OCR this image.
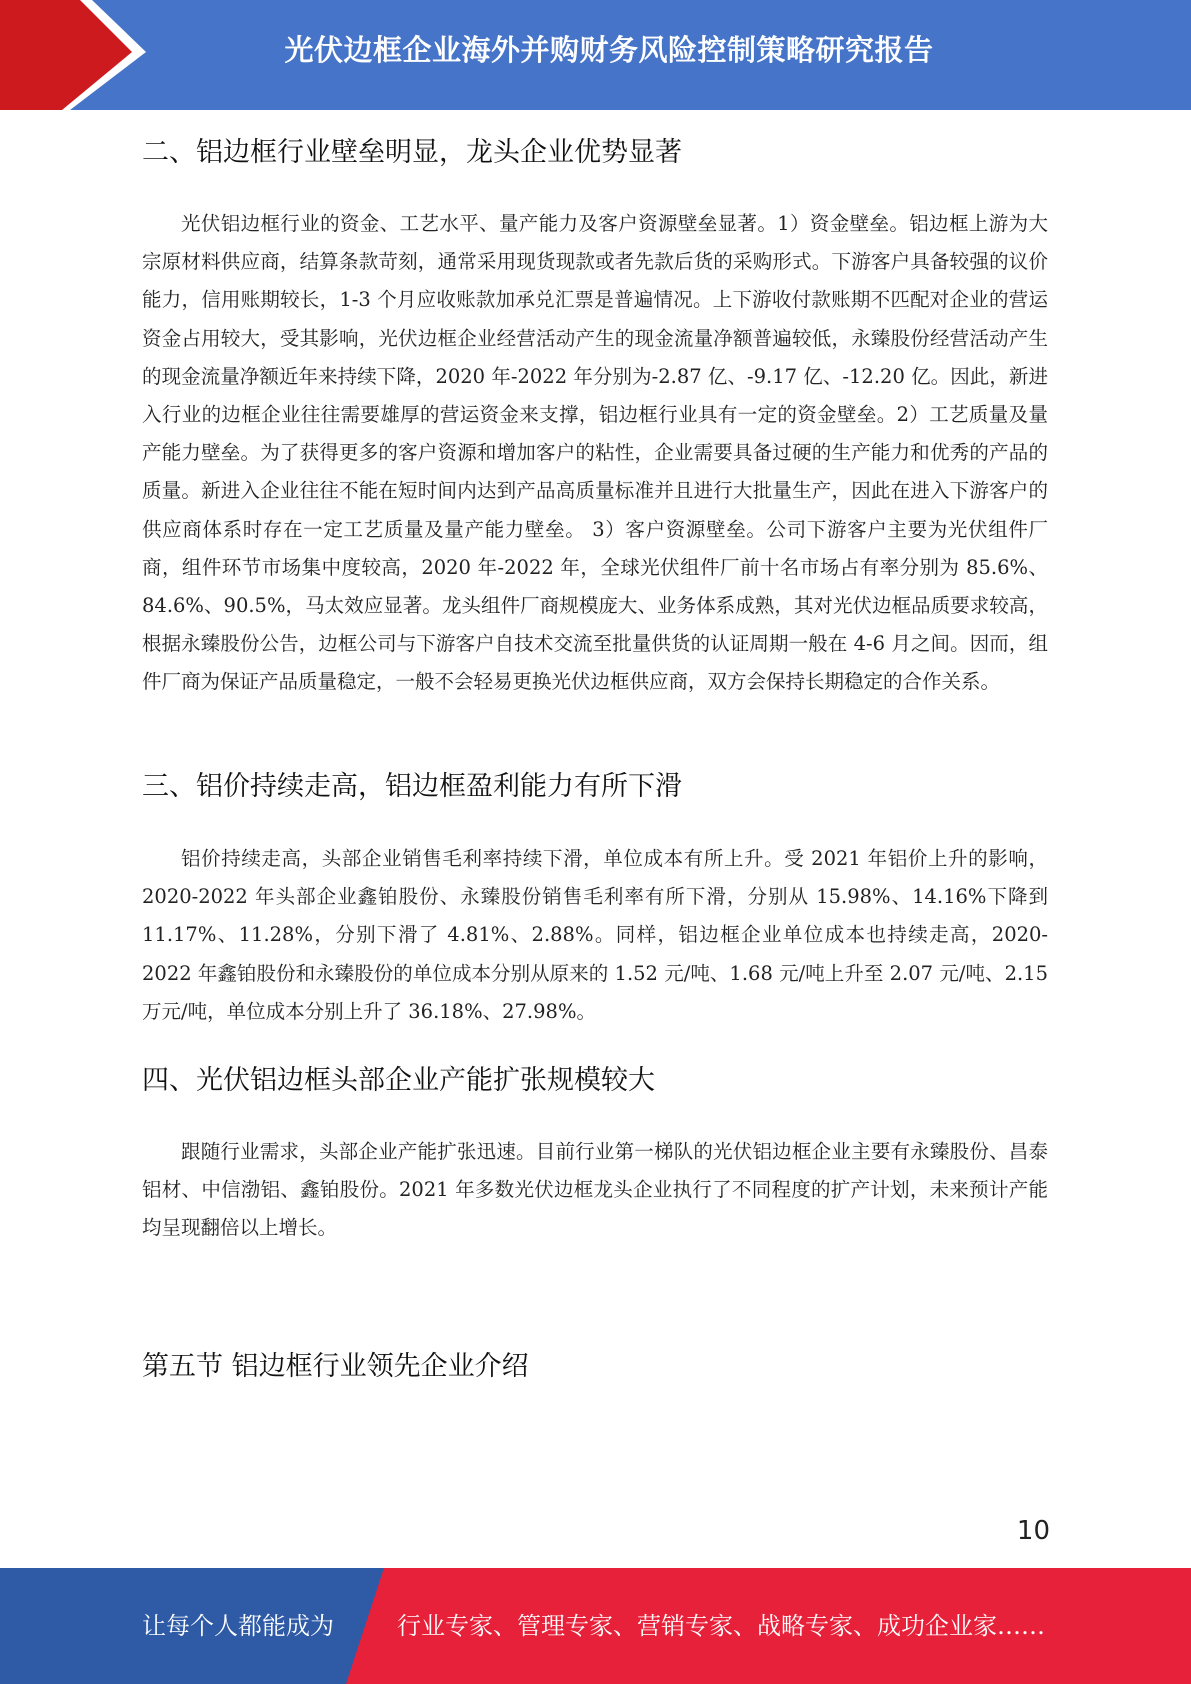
光伏边框企业海外并购财务风险控制策略研究报告
二、铝边框行业壁垒明显，龙头企业优势显著
光伏铝边框行业的资金、工艺水平、量产能力及客户资源壁垒显著。1）资金壁垒。铝边框上游为大宗原材料供应商，结算条款苛刻，通常采用现货现款或者先款后货的采购形式。下游客户具备较强的议价能力，信用账期较长，1-3 个月应收账款加承兑汇票是普遍情况。上下游收付款账期不匹配对企业的营运资金占用较大，受其影响，光伏边框企业经营活动产生的现金流量净额普遍较低，永臻股份经营活动产生的现金流量净额近年来持续下降，2020 年-2022 年分别为-2.87 亿、-9.17 亿、-12.20 亿。因此，新进入行业的边框企业往往需要雄厚的营运资金来支撑，铝边框行业具有一定的资金壁垒。2）工艺质量及量产能力壁垒。为了获得更多的客户资源和增加客户的粘性，企业需要具备过硬的生产能力和优秀的产品的质量。新进入企业往往不能在短时间内达到产品高质量标准并且进行大批量生产，因此在进入下游客户的供应商体系时存在一定工艺质量及量产能力壁垒。 3）客户资源壁垒。公司下游客户主要为光伏组件厂商，组件环节市场集中度较高，2020 年-2022 年，全球光伏组件厂前十名市场占有率分别为 85.6%、84.6%、90.5%，马太效应显著。龙头组件厂商规模庞大、业务体系成熟，其对光伏边框品质要求较高，根据永臻股份公告，边框公司与下游客户自技术交流至批量供货的认证周期一般在 4-6 月之间。因而，组件厂商为保证产品质量稳定，一般不会轻易更换光伏边框供应商，双方会保持长期稳定的合作关系。
三、铝价持续走高，铝边框盈利能力有所下滑
铝价持续走高，头部企业销售毛利率持续下滑，单位成本有所上升。受 2021 年铝价上升的影响，2020-2022 年头部企业鑫铂股份、永臻股份销售毛利率有所下滑，分别从 15.98%、14.16%下降到 11.17%、11.28%，分别下滑了 4.81%、2.88%。同样，铝边框企业单位成本也持续走高，2020-2022 年鑫铂股份和永臻股份的单位成本分别从原来的 1.52 元/吨、1.68 元/吨上升至 2.07 元/吨、2.15 万元/吨，单位成本分别上升了 36.18%、27.98%。
四、光伏铝边框头部企业产能扩张规模较大
跟随行业需求，头部企业产能扩张迅速。目前行业第一梯队的光伏铝边框企业主要有永臻股份、昌泰铝材、中信渤铝、鑫铂股份。2021 年多数光伏边框龙头企业执行了不同程度的扩产计划，未来预计产能均呈现翻倍以上增长。
第五节 铝边框行业领先企业介绍
10
让每个人都能成为	行业专家、管理专家、营销专家、战略专家、成功企业家……
